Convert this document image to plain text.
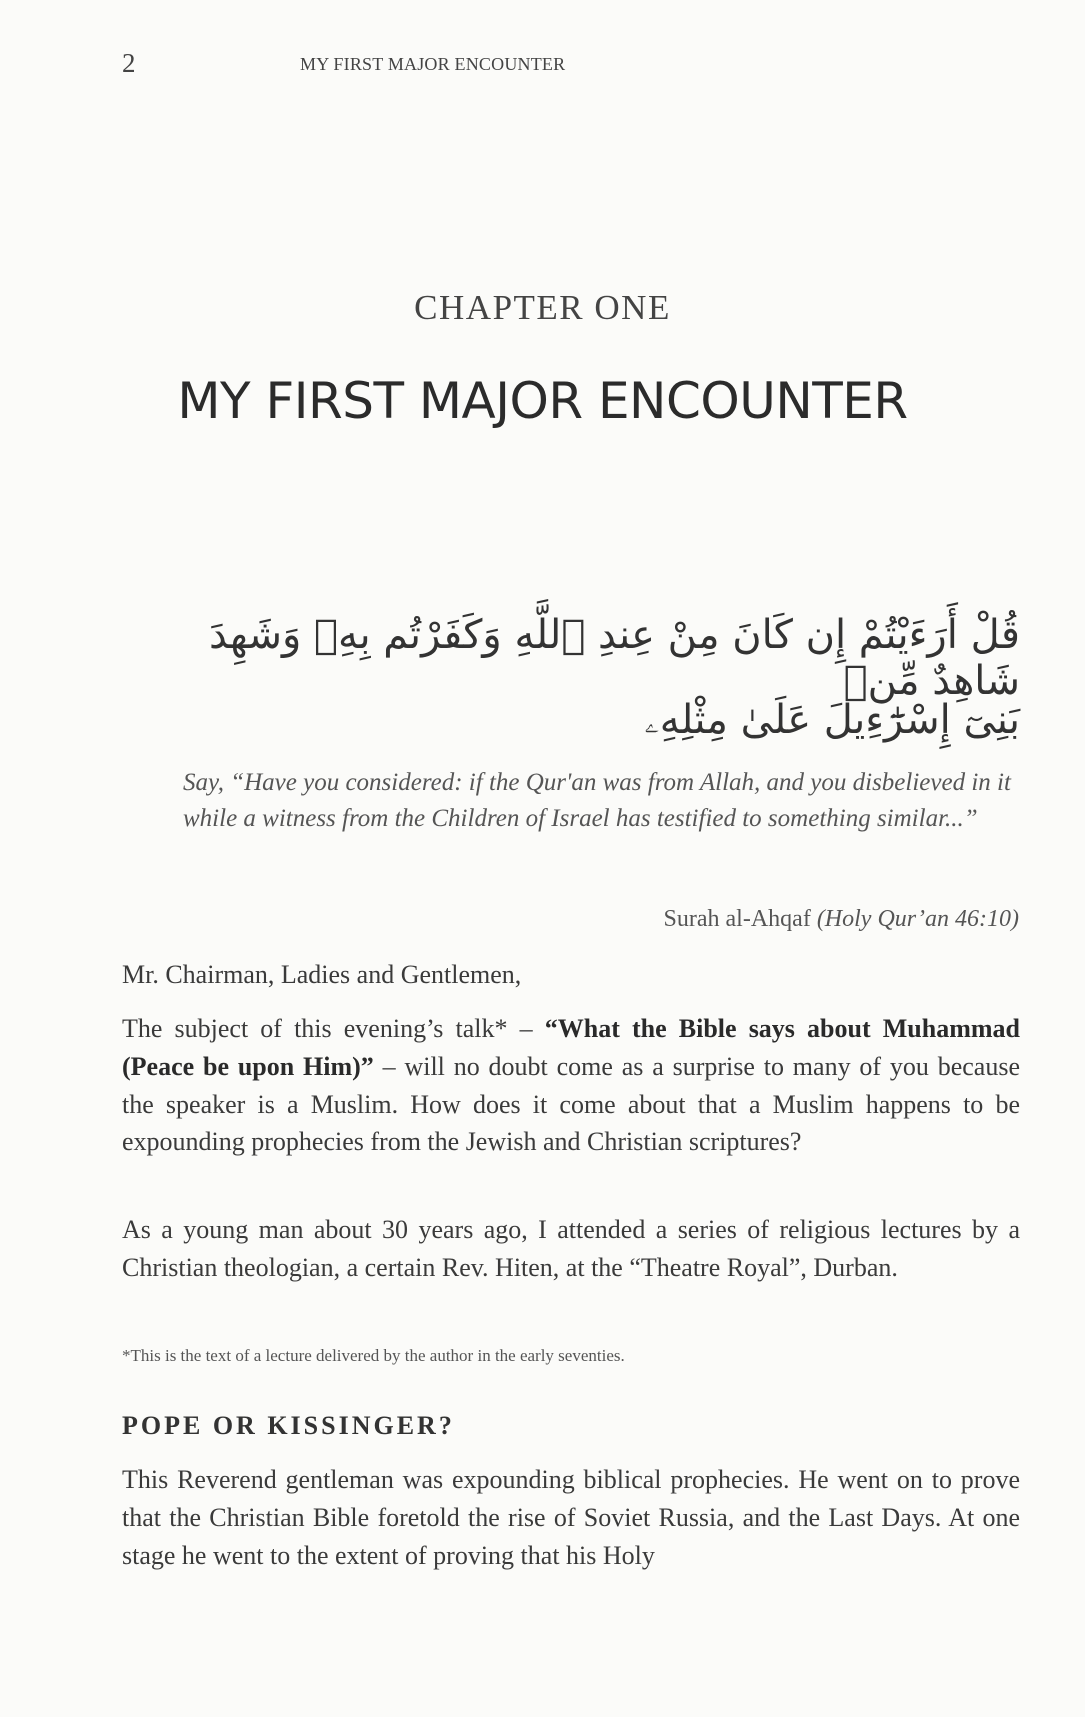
2	MY FIRST MAJOR ENCOUNTER
CHAPTER ONE
MY FIRST MAJOR ENCOUNTER
قُلْ أَرَءَيْتُمْ إِن كَانَ مِنْ عِندِ ٱللَّهِ وَكَفَرْتُم بِهِۦ وَشَهِدَ شَاهِدٌ مِّنۢ
بَنِىٓ إِسْرَٰٓءِيلَ عَلَىٰ مِثْلِهِۦ
Say, “Have you considered: if the Qur'an was from Allah, and you disbelieved in it while a witness from the Children of Israel has testified to something similar...”
Surah al-Ahqaf (Holy Qur’an 46:10)
Mr. Chairman, Ladies and Gentlemen,
The subject of this evening’s talk* – “What the Bible says about Muhammad (Peace be upon Him)” – will no doubt come as a surprise to many of you because the speaker is a Muslim. How does it come about that a Muslim happens to be expounding prophecies from the Jewish and Christian scriptures?
As a young man about 30 years ago, I attended a series of religious lectures by a Christian theologian, a certain Rev. Hiten, at the “Theatre Royal”, Durban.
*This is the text of a lecture delivered by the author in the early seventies.
POPE OR KISSINGER?
This Reverend gentleman was expounding biblical prophecies. He went on to prove that the Christian Bible foretold the rise of Soviet Russia, and the Last Days. At one stage he went to the extent of proving that his Holy
